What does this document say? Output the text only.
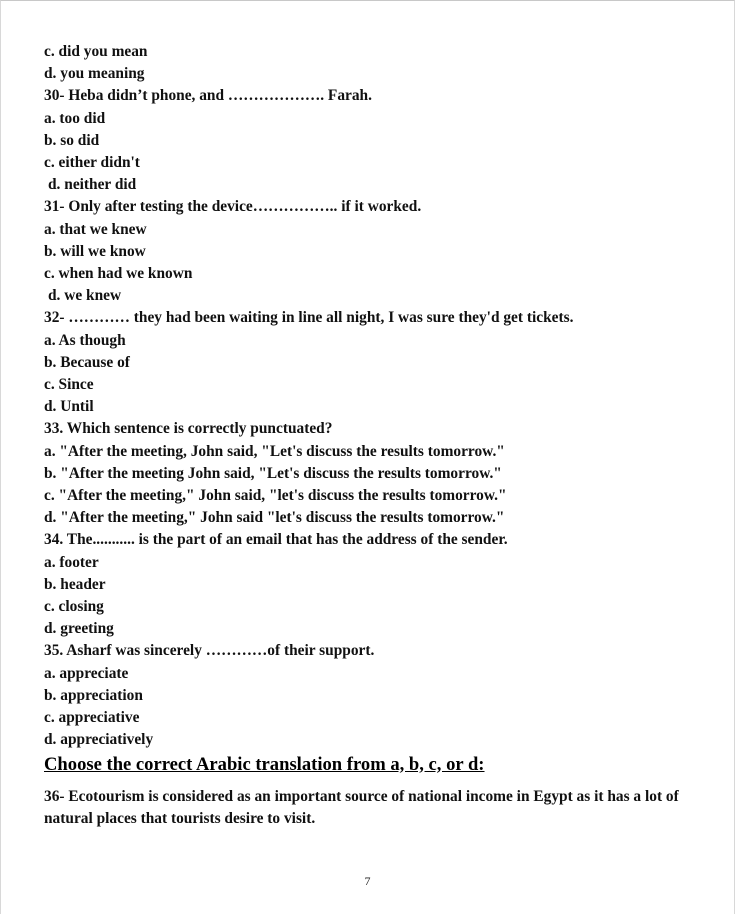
c. did you mean
d. you meaning
30- Heba didn’t phone, and ………………. Farah.
a. too did
b. so did
c. either didn't
d. neither did
31- Only after testing the device…………….. if it worked.
a. that we knew
b. will we know
c. when had we known
d. we knew
32- ………… they had been waiting in line all night, I was sure they'd get tickets.
a. As though
b. Because of
c. Since
d. Until
33. Which sentence is correctly punctuated?
a. "After the meeting, John said, "Let's discuss the results tomorrow."
b. "After the meeting John said, "Let's discuss the results tomorrow."
c. "After the meeting," John said, "let's discuss the results tomorrow."
d. "After the meeting," John said "let's discuss the results tomorrow."
34. The........... is the part of an email that has the address of the sender.
a. footer
b. header
c. closing
d. greeting
35. Asharf was sincerely …………of their support.
a. appreciate
b. appreciation
c. appreciative
d. appreciatively
Choose the correct Arabic translation from a, b, c, or d:
36- Ecotourism is considered as an important source of national income in Egypt as it has a lot of natural places that tourists desire to visit.
7
